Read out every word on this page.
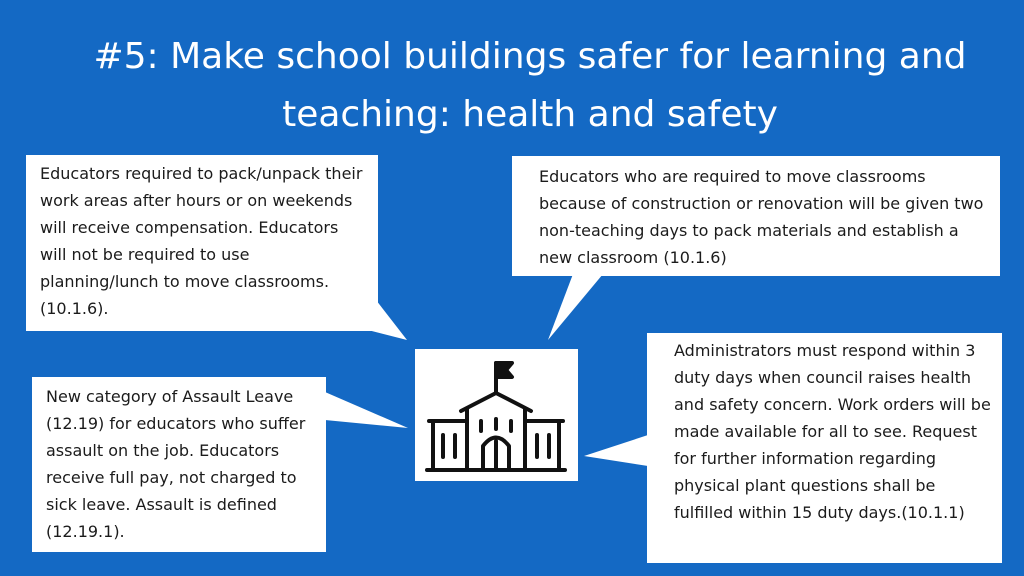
#5: Make school buildings safer for learning and teaching: health and safety
Educators required to pack/unpack their work areas after hours or on weekends will receive compensation. Educators will not be required to use planning/lunch to move classrooms. (10.1.6).
Educators who are required to move classrooms because of construction or renovation will be given two non-teaching days to pack materials and establish a new classroom (10.1.6)
New category of Assault Leave (12.19) for educators who suffer assault on the job. Educators receive full pay, not charged to sick leave. Assault is defined (12.19.1).
Administrators must respond within 3 duty days when council raises health and safety concern. Work orders will be made available for all to see. Request for further information regarding physical plant questions shall be fulfilled within 15 duty days.(10.1.1)
